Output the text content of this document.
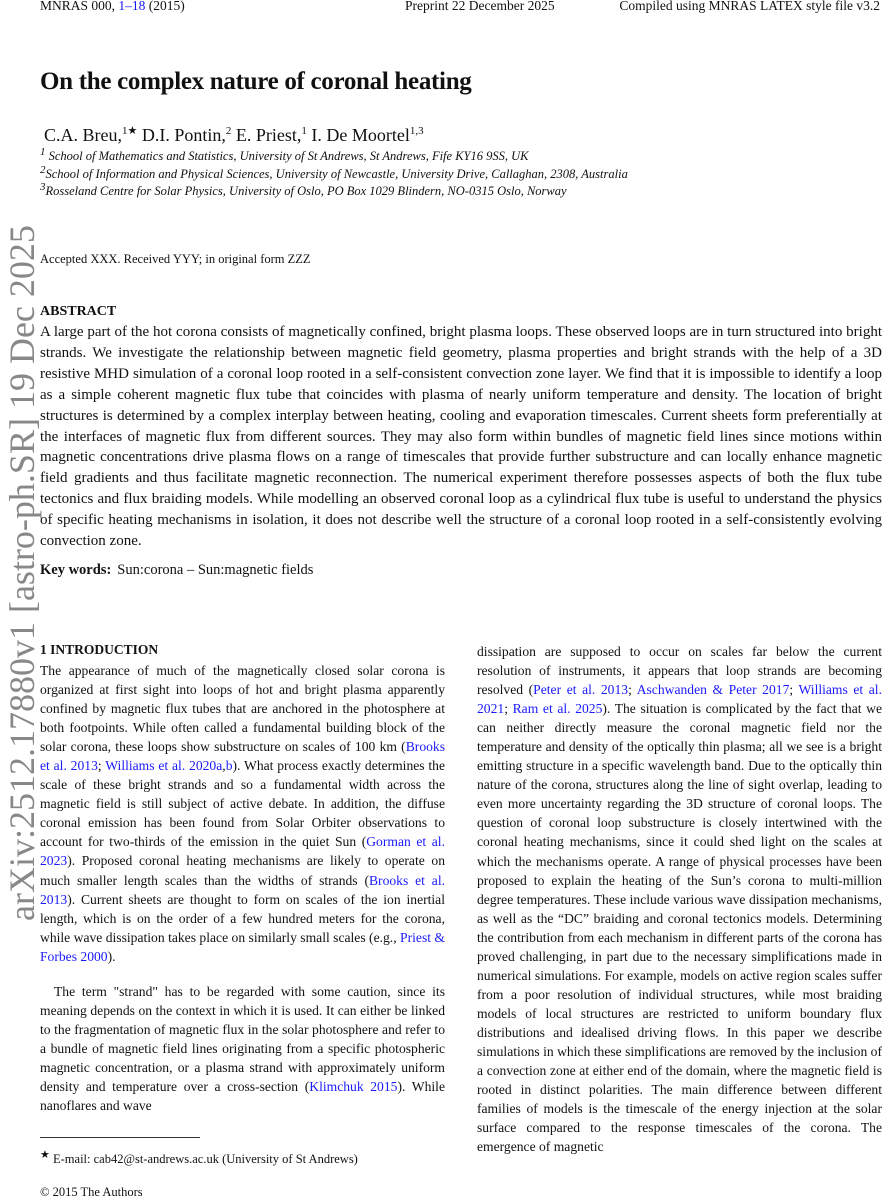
MNRAS 000, 1–18 (2015)	Preprint 22 December 2025	Compiled using MNRAS LATEX style file v3.2
On the complex nature of coronal heating
C.A. Breu,$^{1★}$ D.I. Pontin,$^2$ E. Priest,$^1$ I. De Moortel$^{1,3}$
$^1$ School of Mathematics and Statistics, University of St Andrews, St Andrews, Fife KY16 9SS, UK
$^2$School of Information and Physical Sciences, University of Newcastle, University Drive, Callaghan, 2308, Australia
$^3$Rosseland Centre for Solar Physics, University of Oslo, PO Box 1029 Blindern, NO-0315 Oslo, Norway
Accepted XXX. Received YYY; in original form ZZZ
ABSTRACT
A large part of the hot corona consists of magnetically confined, bright plasma loops. These observed loops are in turn structured into bright strands. We investigate the relationship between magnetic field geometry, plasma properties and bright strands with the help of a 3D resistive MHD simulation of a coronal loop rooted in a self-consistent convection zone layer. We find that it is impossible to identify a loop as a simple coherent magnetic flux tube that coincides with plasma of nearly uniform temperature and density. The location of bright structures is determined by a complex interplay between heating, cooling and evaporation timescales. Current sheets form preferentially at the interfaces of magnetic flux from different sources. They may also form within bundles of magnetic field lines since motions within magnetic concentrations drive plasma flows on a range of timescales that provide further substructure and can locally enhance magnetic field gradients and thus facilitate magnetic reconnection. The numerical experiment therefore possesses aspects of both the flux tube tectonics and flux braiding models. While modelling an observed coronal loop as a cylindrical flux tube is useful to understand the physics of specific heating mechanisms in isolation, it does not describe well the structure of a coronal loop rooted in a self-consistently evolving convection zone.
Key words: Sun:corona – Sun:magnetic fields
arXiv:2512.17880v1 [astro-ph.SR] 19 Dec 2025
1 INTRODUCTION

The appearance of much of the magnetically closed solar corona is organized at first sight into loops of hot and bright plasma apparently confined by magnetic flux tubes that are anchored in the photosphere at both footpoints. While often called a fundamental building block of the solar corona, these loops show substructure on scales of 100 km (Brooks et al. 2013; Williams et al. 2020a,b). What process exactly determines the scale of these bright strands and so a fundamental width across the magnetic field is still subject of active debate. In addition, the diffuse coronal emission has been found from Solar Orbiter observations to account for two-thirds of the emission in the quiet Sun (Gorman et al. 2023). Proposed coronal heating mechanisms are likely to operate on much smaller length scales than the widths of strands (Brooks et al. 2013). Current sheets are thought to form on scales of the ion inertial length, which is on the order of a few hundred meters for the corona, while wave dissipation takes place on similarly small scales (e.g., Priest & Forbes 2000).

The term "strand" has to be regarded with some caution, since its meaning depends on the context in which it is used. It can either be linked to the fragmentation of magnetic flux in the solar photosphere and refer to a bundle of magnetic field lines originating from a specific photospheric magnetic concentration, or a plasma strand with approximately uniform density and temperature over a cross-section (Klimchuk 2015). While nanoflares and wave

dissipation are supposed to occur on scales far below the current resolution of instruments, it appears that loop strands are becoming resolved (Peter et al. 2013; Aschwanden & Peter 2017; Williams et al. 2021; Ram et al. 2025). The situation is complicated by the fact that we can neither directly measure the coronal magnetic field nor the temperature and density of the optically thin plasma; all we see is a bright emitting structure in a specific wavelength band. Due to the optically thin nature of the corona, structures along the line of sight overlap, leading to even more uncertainty regarding the 3D structure of coronal loops. The question of coronal loop substructure is closely intertwined with the coronal heating mechanisms, since it could shed light on the scales at which the mechanisms operate. A range of physical processes have been proposed to explain the heating of the Sun’s corona to multi-million degree temperatures. These include various wave dissipation mechanisms, as well as the “DC” braiding and coronal tectonics models. Determining the contribution from each mechanism in different parts of the corona has proved challenging, in part due to the necessary simplifications made in numerical simulations. For example, models on active region scales suffer from a poor resolution of individual structures, while most braiding models of local structures are restricted to uniform boundary flux distributions and idealised driving flows. In this paper we describe simulations in which these simplifications are removed by the inclusion of a convection zone at either end of the domain, where the magnetic field is rooted in distinct polarities. The main difference between different families of models is the timescale of the energy injection at the solar surface compared to the response timescales of the corona. The emergence of magnetic

★ E-mail: cab42@st-andrews.ac.uk (University of St Andrews)
© 2015 The Authors
